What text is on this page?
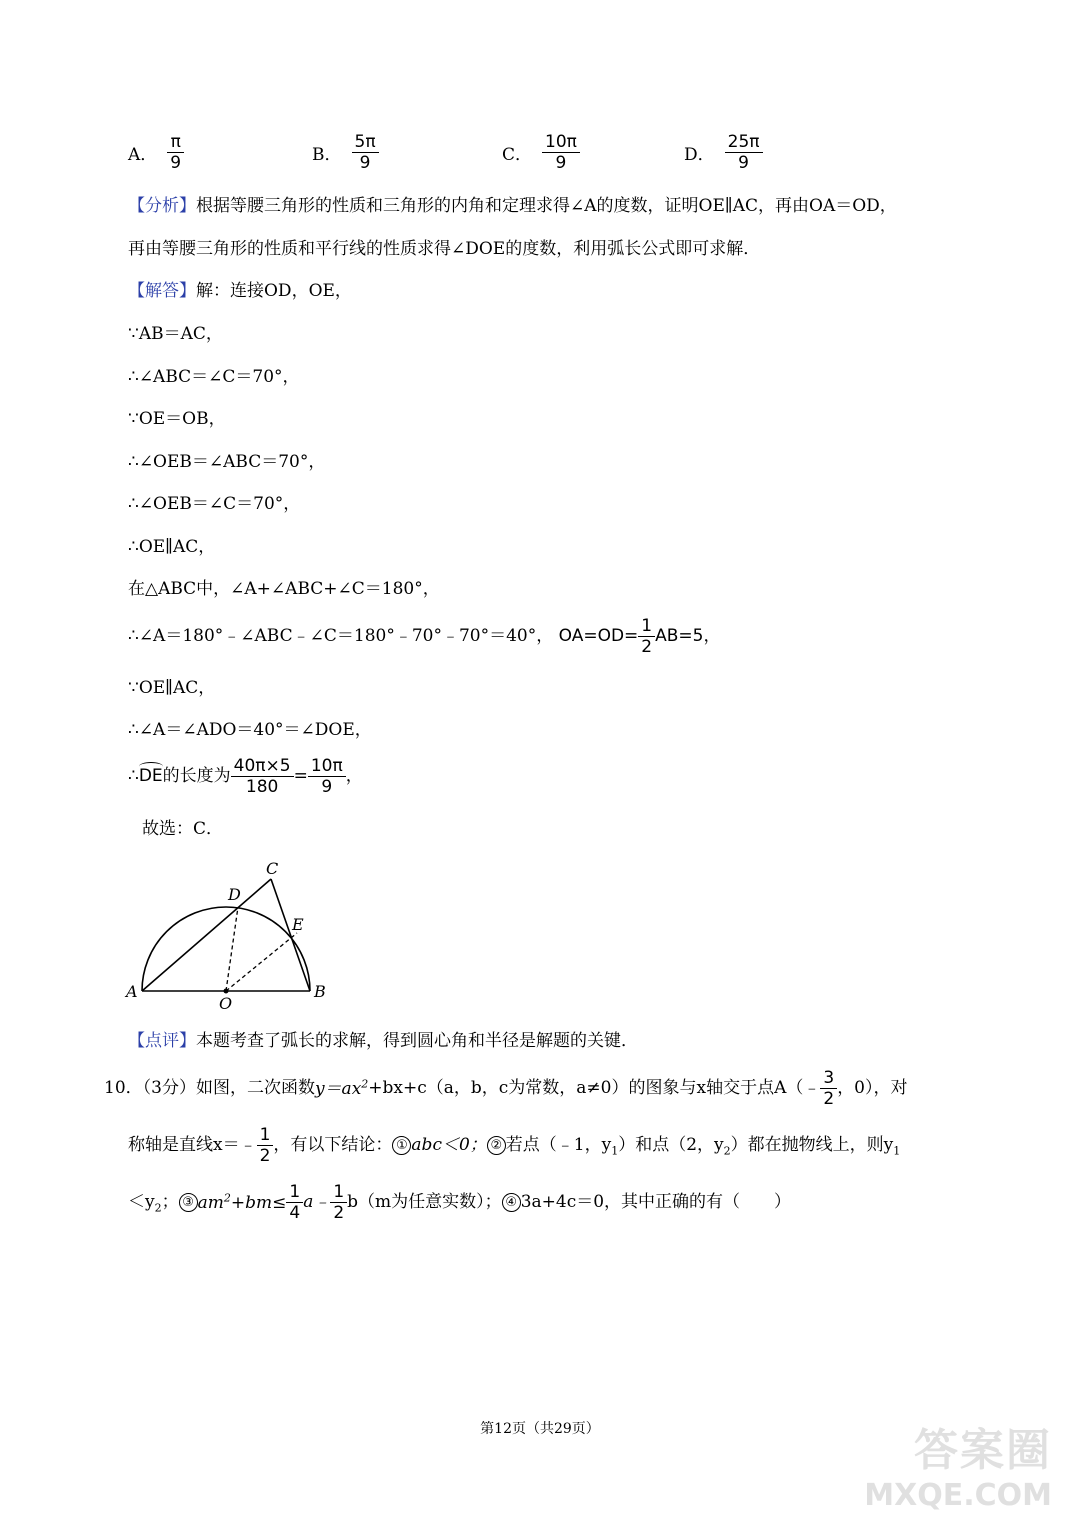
A． $\frac{\pi}{9}$	B． $\frac{5\pi}{9}$	C． $\frac{10\pi}{9}$	D． $\frac{25\pi}{9}$
【分析】根据等腰三角形的性质和三角形的内角和定理求得∠A的度数，证明OE∥AC，再由OA＝OD，
再由等腰三角形的性质和平行线的性质求得∠DOE的度数，利用弧长公式即可求解．
【解答】解：连接OD，OE，
∵AB＝AC，
∴∠ABC＝∠C＝70°，
∵OE＝OB，
∴∠OEB＝∠ABC＝70°，
∴∠OEB＝∠C＝70°，
∴OE∥AC，
在△ABC中，∠A+∠ABC+∠C＝180°，
∴∠A＝180°﹣∠ABC﹣∠C＝180°﹣70°﹣70°＝40°， $OA=OD= \frac{1}{2} AB=5$，
∵OE∥AC，
∴∠A＝∠ADO＝40°＝∠DOE，
∴DE的长度为 $\frac{40\pi\times 5}{180} = \frac{10\pi}{9}$ ，
故选：C．
A	B
C
D
E
O
【点评】本题考查了弧长的求解，得到圆心角和半径是解题的关键．
10．（3分）如图，二次函数$y=ax^2+bx+c(a$，b，c为常数，a≠0）的图象与x轴交于点A（﹣ $\frac{3}{2}$ ，0），对
称轴是直线x＝﹣ $\frac{1}{2}$ ，有以下结论： ① abc＜0； ② 若点（﹣1，$y_1$）和点（2，$y_2$）都在抛物线上，则$y_1$
$<y_2$； ③ $am^2+bm\le \frac{1}{4}$ a﹣ $\frac{1}{2} b(m$为任意实数）； ④ 3a+4c＝0，其中正确的有（　　）
第12页（共29页）	答案圈
MXQE.COM
